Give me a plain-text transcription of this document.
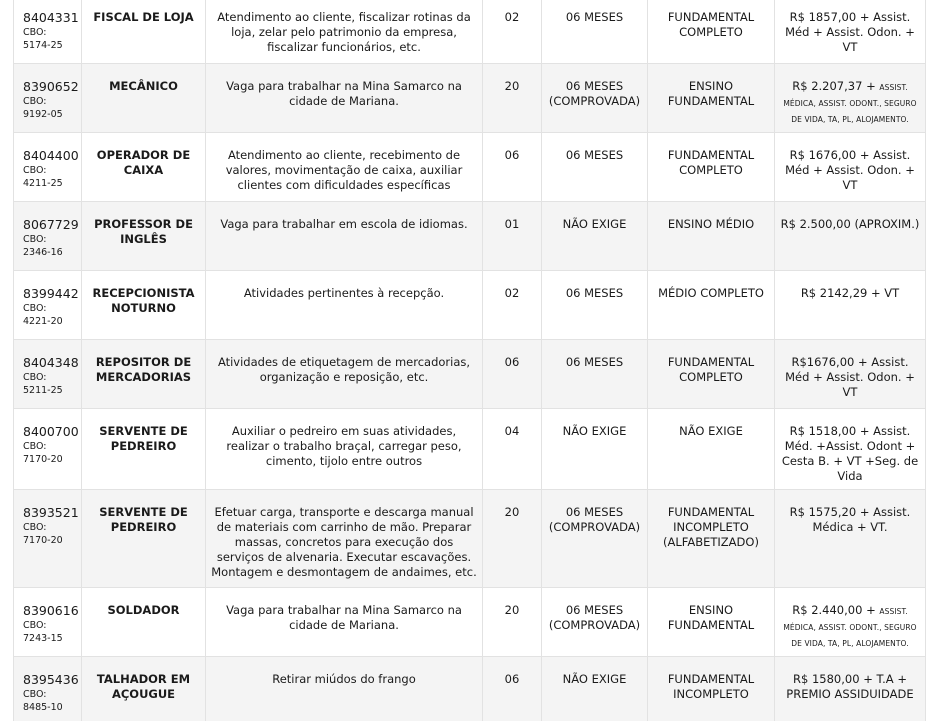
8404331
CBO: 5174-25	FISCAL DE LOJA	Atendimento ao cliente, fiscalizar rotinas da loja, zelar pelo patrimonio da empresa, fiscalizar funcionários, etc.	02	06 MESES	FUNDAMENTAL COMPLETO	R$ 1857,00 + Assist. Méd + Assist. Odon. + VT

8390652
CBO: 9192-05	MECÂNICO	Vaga para trabalhar na Mina Samarco na cidade de Mariana.	20	06 MESES (COMPROVADA)	ENSINO FUNDAMENTAL	R$ 2.207,37 + ASSIST. MÉDICA, ASSIST. ODONT., SEGURO DE VIDA, TA, PL, ALOJAMENTO.

8404400
CBO: 4211-25	OPERADOR DE CAIXA	Atendimento ao cliente, recebimento de valores, movimentação de caixa, auxiliar clientes com dificuldades específicas	06	06 MESES	FUNDAMENTAL COMPLETO	R$ 1676,00 + Assist. Méd + Assist. Odon. + VT

8067729
CBO: 2346-16	PROFESSOR DE INGLÊS	Vaga para trabalhar em escola de idiomas.	01	NÃO EXIGE	ENSINO MÉDIO	R$ 2.500,00 (APROXIM.)

8399442
CBO: 4221-20	RECEPCIONISTA NOTURNO	Atividades pertinentes à recepção.	02	06 MESES	MÉDIO COMPLETO	R$ 2142,29 + VT

8404348
CBO: 5211-25	REPOSITOR DE MERCADORIAS	Atividades de etiquetagem de mercadorias, organização e reposição, etc.	06	06 MESES	FUNDAMENTAL COMPLETO	R$1676,00 + Assist. Méd + Assist. Odon. + VT

8400700
CBO: 7170-20	SERVENTE DE PEDREIRO	Auxiliar o pedreiro em suas atividades, realizar o trabalho braçal, carregar peso, cimento, tijolo entre outros	04	NÃO EXIGE	NÃO EXIGE	R$ 1518,00 + Assist. Méd. +Assist. Odont + Cesta B. + VT +Seg. de Vida

8393521
CBO: 7170-20	SERVENTE DE PEDREIRO	Efetuar carga, transporte e descarga manual de materiais com carrinho de mão. Preparar massas, concretos para execução dos serviços de alvenaria. Executar escavações. Montagem e desmontagem de andaimes, etc.	20	06 MESES (COMPROVADA)	FUNDAMENTAL INCOMPLETO (ALFABETIZADO)	R$ 1575,20 + Assist. Médica + VT.

8390616
CBO: 7243-15	SOLDADOR	Vaga para trabalhar na Mina Samarco na cidade de Mariana.	20	06 MESES (COMPROVADA)	ENSINO FUNDAMENTAL	R$ 2.440,00 + ASSIST. MÉDICA, ASSIST. ODONT., SEGURO DE VIDA, TA, PL, ALOJAMENTO.

8395436
CBO: 8485-10	TALHADOR EM AÇOUGUE	Retirar miúdos do frango	06	NÃO EXIGE	FUNDAMENTAL INCOMPLETO	R$ 1580,00 + T.A + PREMIO ASSIDUIDADE
